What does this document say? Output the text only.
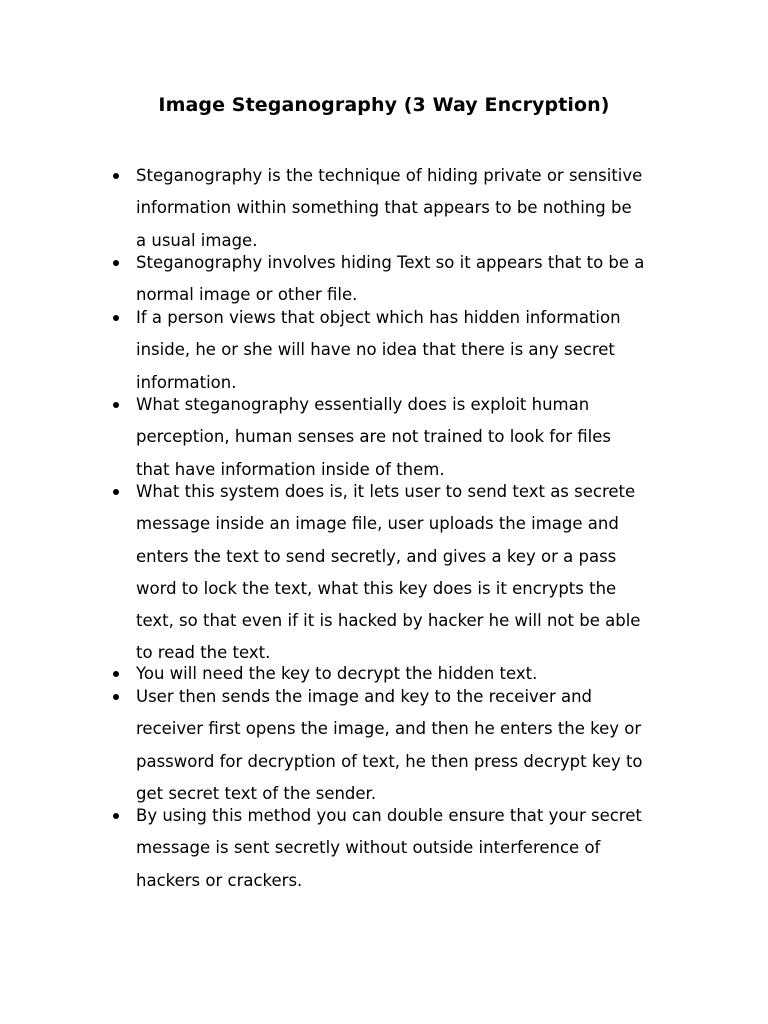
Image Steganography (3 Way Encryption)
Steganography is the technique of hiding private or sensitive
information within something that appears to be nothing be
a usual image.
Steganography involves hiding Text so it appears that to be a
normal image or other file.
If a person views that object which has hidden information
inside, he or she will have no idea that there is any secret
information.
What steganography essentially does is exploit human
perception, human senses are not trained to look for files
that have information inside of them.
What this system does is, it lets user to send text as secrete
message inside an image file, user uploads the image and
enters the text to send secretly, and gives a key or a pass
word to lock the text, what this key does is it encrypts the
text, so that even if it is hacked by hacker he will not be able
to read the text.
You will need the key to decrypt the hidden text.
User then sends the image and key to the receiver and
receiver first opens the image, and then he enters the key or
password for decryption of text, he then press decrypt key to
get secret text of the sender.
By using this method you can double ensure that your secret
message is sent secretly without outside interference of
hackers or crackers.
